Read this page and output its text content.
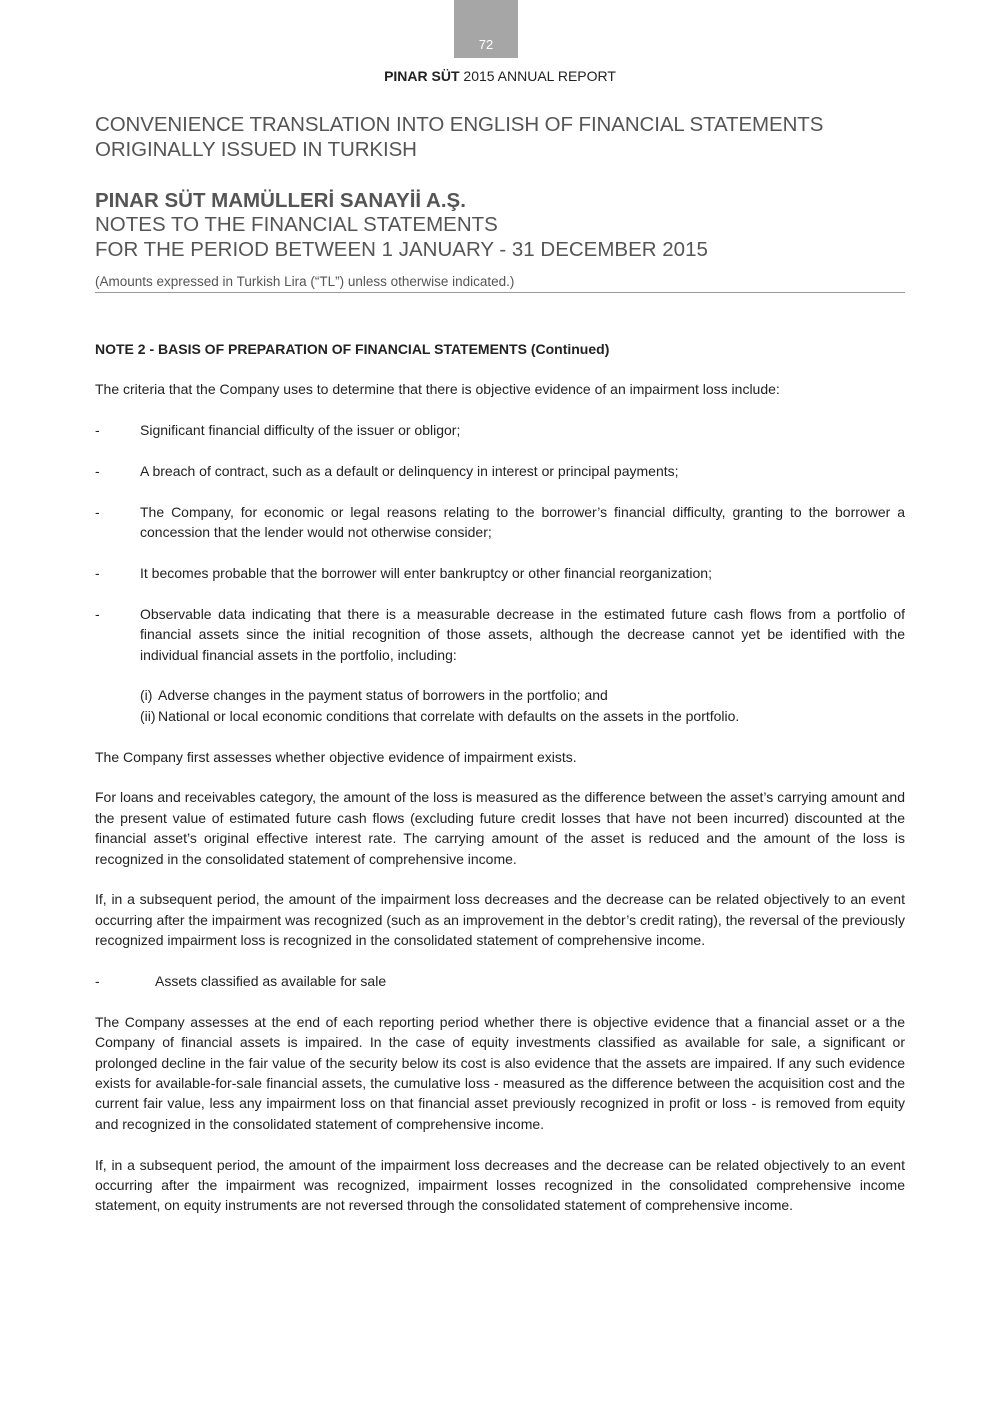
72
PINAR SÜT 2015 ANNUAL REPORT
CONVENIENCE TRANSLATION INTO ENGLISH OF FINANCIAL STATEMENTS
ORIGINALLY ISSUED IN TURKISH
PINAR SÜT MAMÜLLERİ SANAYİİ A.Ş.
NOTES TO THE FINANCIAL STATEMENTS
FOR THE PERIOD BETWEEN 1 JANUARY - 31 DECEMBER 2015
(Amounts expressed in Turkish Lira (“TL”) unless otherwise indicated.)

NOTE 2 - BASIS OF PREPARATION OF FINANCIAL STATEMENTS (Continued)

The criteria that the Company uses to determine that there is objective evidence of an impairment loss include:

-	Significant financial difficulty of the issuer or obligor;
-	A breach of contract, such as a default or delinquency in interest or principal payments;
-	The Company, for economic or legal reasons relating to the borrower’s financial difficulty, granting to the borrower a concession that the lender would not otherwise consider;
-	It becomes probable that the borrower will enter bankruptcy or other financial reorganization;
-	Observable data indicating that there is a measurable decrease in the estimated future cash flows from a portfolio of financial assets since the initial recognition of those assets, although the decrease cannot yet be identified with the individual financial assets in the portfolio, including:
(i) Adverse changes in the payment status of borrowers in the portfolio; and
(ii) National or local economic conditions that correlate with defaults on the assets in the portfolio.

The Company first assesses whether objective evidence of impairment exists.

For loans and receivables category, the amount of the loss is measured as the difference between the asset’s carrying amount and the present value of estimated future cash flows (excluding future credit losses that have not been incurred) discounted at the financial asset’s original effective interest rate. The carrying amount of the asset is reduced and the amount of the loss is recognized in the consolidated statement of comprehensive income.

If, in a subsequent period, the amount of the impairment loss decreases and the decrease can be related objectively to an event occurring after the impairment was recognized (such as an improvement in the debtor’s credit rating), the reversal of the previously recognized impairment loss is recognized in the consolidated statement of comprehensive income.

-	Assets classified as available for sale

The Company assesses at the end of each reporting period whether there is objective evidence that a financial asset or a the Company of financial assets is impaired. In the case of equity investments classified as available for sale, a significant or prolonged decline in the fair value of the security below its cost is also evidence that the assets are impaired. If any such evidence exists for available-for-sale financial assets, the cumulative loss - measured as the difference between the acquisition cost and the current fair value, less any impairment loss on that financial asset previously recognized in profit or loss - is removed from equity and recognized in the consolidated statement of comprehensive income.

If, in a subsequent period, the amount of the impairment loss decreases and the decrease can be related objectively to an event occurring after the impairment was recognized, impairment losses recognized in the consolidated comprehensive income statement, on equity instruments are not reversed through the consolidated statement of comprehensive income.
